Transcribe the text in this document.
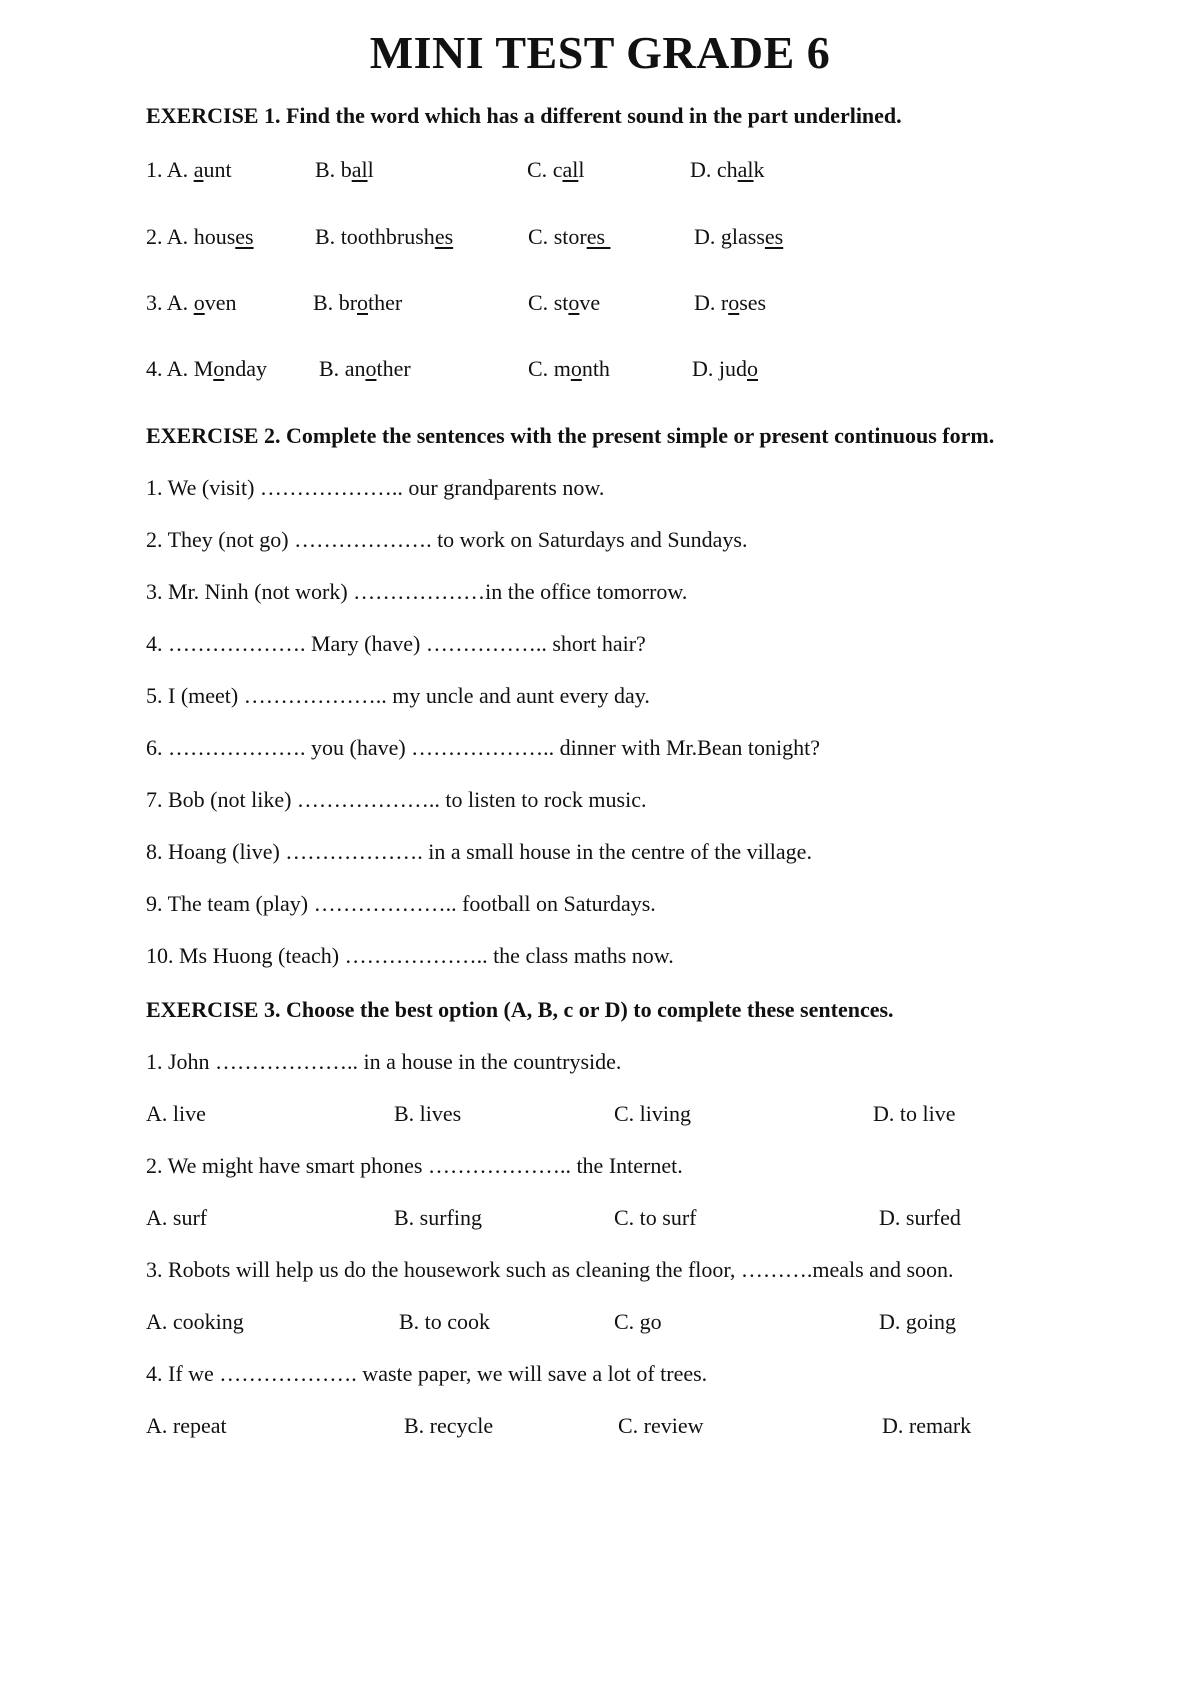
MINI TEST GRADE 6
EXERCISE 1. Find the word which has a different sound in the part underlined.
1. A. aunt	B. ball	C. call	D. chalk
2. A. houses	B. toothbrushes	C. stores	D. glasses
3. A. oven	B. brother	C. stove	D. roses
4. A. Monday B. another	C. month	D. judo
EXERCISE 2. Complete the sentences with the present simple or present continuous form.
1. We (visit) ……………….. our grandparents now.
2. They (not go) ………………. to work on Saturdays and Sundays.
3. Mr. Ninh (not work) ………………in the office tomorrow.
4. ………………. Mary (have) …………….. short hair?
5. I (meet) ……………….. my uncle and aunt every day.
6. ………………. you (have) ……………….. dinner with Mr.Bean tonight?
7. Bob (not like) ……………….. to listen to rock music.
8. Hoang (live) ………………. in a small house in the centre of the village.
9. The team (play) ……………….. football on Saturdays.
10. Ms Huong (teach) ……………….. the class maths now.
EXERCISE 3. Choose the best option (A, B, c or D) to complete these sentences.
1. John ……………….. in a house in the countryside.
A. live	B. lives	C. living	D. to live
2. We might have smart phones ……………….. the Internet.
A. surf	B. surfing	C. to surf	D. surfed
3. Robots will help us do the housework such as cleaning the floor, ……….meals and soon.
A. cooking	B. to cook	C. go	D. going
4. If we ………………. waste paper, we will save a lot of trees.
A. repeat	B. recycle	C. review	D. remark
